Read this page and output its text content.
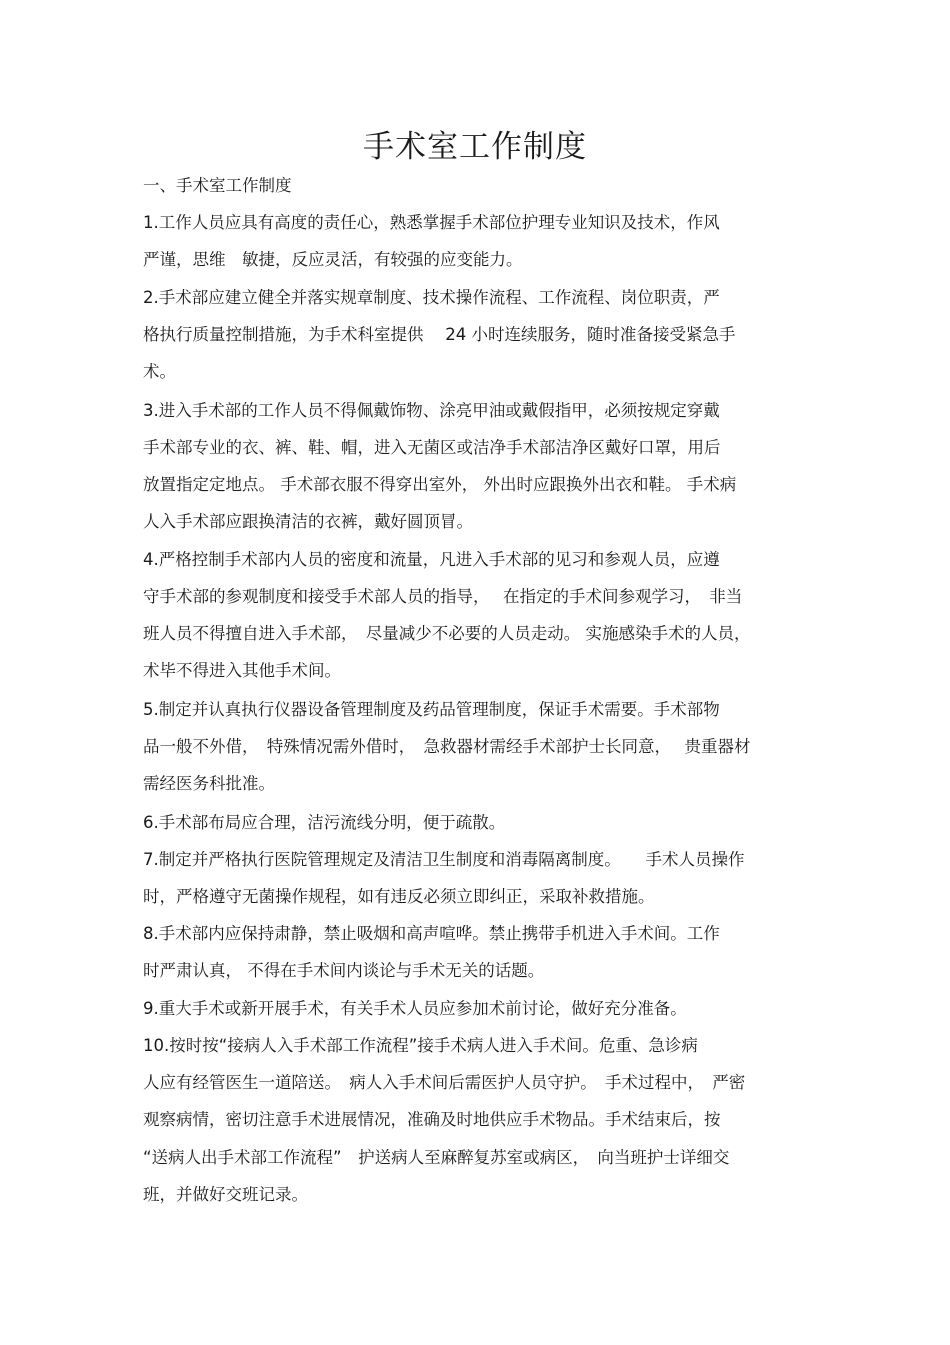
手术室工作制度
一、手术室工作制度
1.工作人员应具有高度的责任心，熟悉掌握手术部位护理专业知识及技术，作风
严谨，思维　敏捷，反应灵活，有较强的应变能力。
2.手术部应建立健全并落实规章制度、技术操作流程、工作流程、岗位职责，严
格执行质量控制措施，为手术科室提供　 24 小时连续服务，随时准备接受紧急手
术。
3.进入手术部的工作人员不得佩戴饰物、涂亮甲油或戴假指甲，必须按规定穿戴
手术部专业的衣、裤、鞋、帽，进入无菌区或洁净手术部洁净区戴好口罩，用后
放置指定定地点。 手术部衣服不得穿出室外， 外出时应跟换外出衣和鞋。 手术病
人入手术部应跟换清洁的衣裤，戴好圆顶冒。
4.严格控制手术部内人员的密度和流量，凡进入手术部的见习和参观人员，应遵
守手术部的参观制度和接受手术部人员的指导，　 在指定的手术间参观学习，　非当
班人员不得擅自进入手术部，　尽量减少不必要的人员走动。 实施感染手术的人员，
术毕不得进入其他手术间。
5.制定并认真执行仪器设备管理制度及药品管理制度，保证手术需要。手术部物
品一般不外借，　特殊情况需外借时，　急救器材需经手术部护士长同意，　 贵重器材
需经医务科批准。
6.手术部布局应合理，洁污流线分明，便于疏散。
7.制定并严格执行医院管理规定及清洁卫生制度和消毒隔离制度。　　手术人员操作
时，严格遵守无菌操作规程，如有违反必须立即纠正，采取补救措施。
8.手术部内应保持肃静，禁止吸烟和高声喧哗。禁止携带手机进入手术间。工作
时严肃认真， 不得在手术间内谈论与手术无关的话题。
9.重大手术或新开展手术，有关手术人员应参加术前讨论，做好充分准备。
10.按时按“接病人入手术部工作流程”接手术病人进入手术间。危重、急诊病
人应有经管医生一道陪送。　病人入手术间后需医护人员守护。　手术过程中，　严密
观察病情，密切注意手术进展情况，准确及时地供应手术物品。手术结束后，按
“送病人出手术部工作流程”　护送病人至麻醉复苏室或病区，　向当班护士详细交
班，并做好交班记录。
